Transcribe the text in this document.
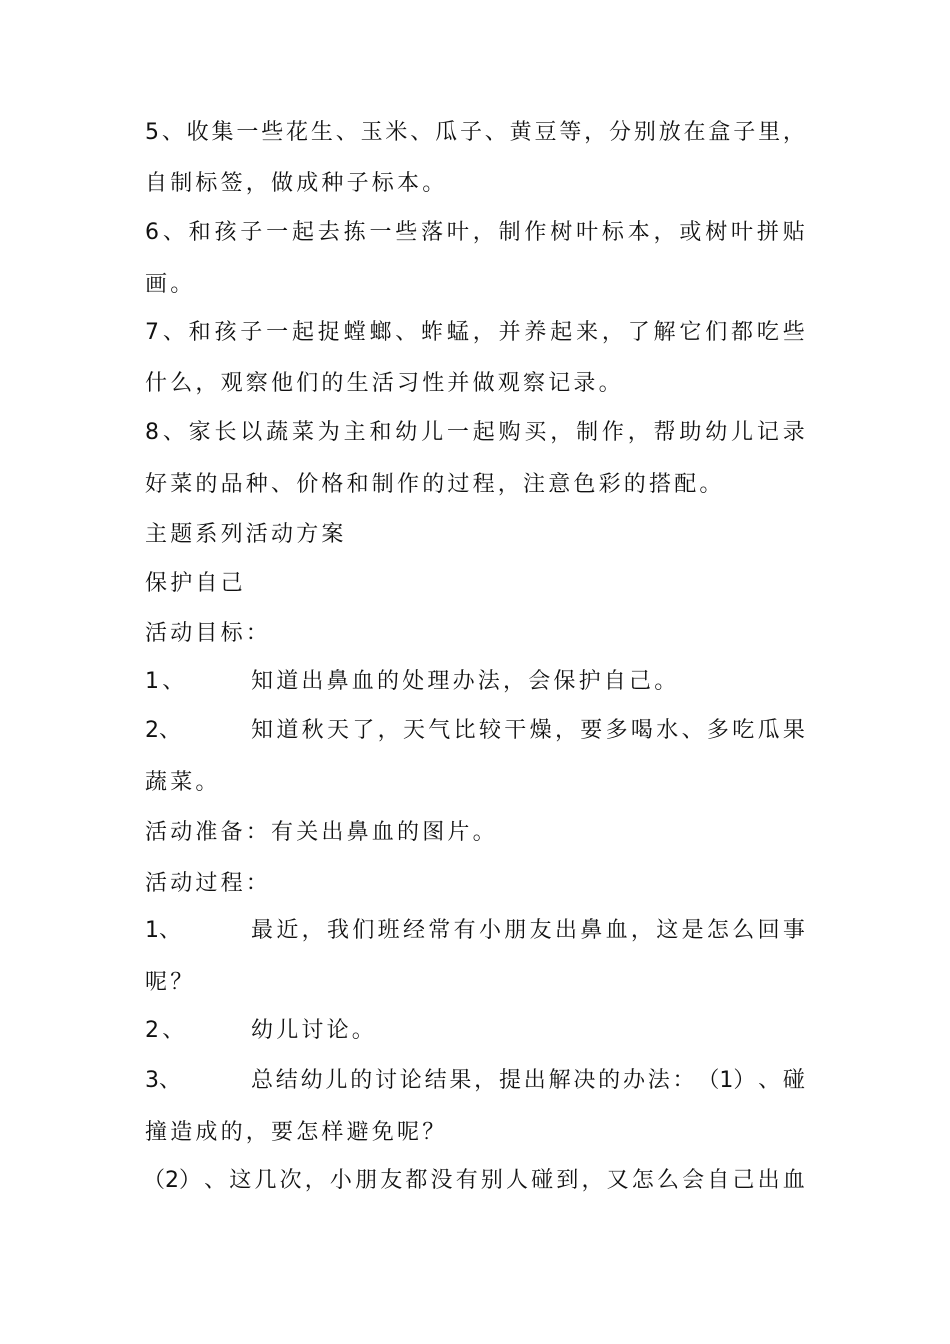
5 、 收 集 一 些 花 生 、 玉 米 、 瓜 子 、 黄 豆 等 ， 分 别 放 在 盒 子 里 ，
自制标签，做成种子标本。
6 、 和 孩 子 一 起 去 拣 一 些 落 叶 ， 制 作 树 叶 标 本 ， 或 树 叶 拼 贴
画。
7 、 和 孩 子 一 起 捉 螳 螂 、 蚱 蜢 ， 并 养 起 来 ， 了 解 它 们 都 吃 些
什么，观察他们的生活习性并做观察记录。
8 、 家 长 以 蔬 菜 为 主 和 幼 儿 一 起 购 买 ， 制 作 ， 帮 助 幼 儿 记 录
好菜的品种、价格和制作的过程，注意色彩的搭配。
主题系列活动方案
保护自己
活动目标：
1、	知道出鼻血的处理办法，会保护自己。
2、	知 道 秋 天 了 ， 天 气 比 较 干 燥 ， 要 多 喝 水 、 多 吃 瓜 果
蔬菜。
活动准备：有关出鼻血的图片。
活动过程：
1、	最 近 ， 我 们 班 经 常 有 小 朋 友 出 鼻 血 ， 这 是 怎 么 回 事
呢？
2、	幼儿讨论。
3、	总 结 幼 儿 的 讨 论 结 果 ， 提 出 解 决 的 办 法 ： （1） 、 碰
撞造成的，要怎样避免呢？
（2） 、 这 几 次 ， 小 朋 友 都 没 有 别 人 碰 到 ， 又 怎 么 会 自 己 出 血
